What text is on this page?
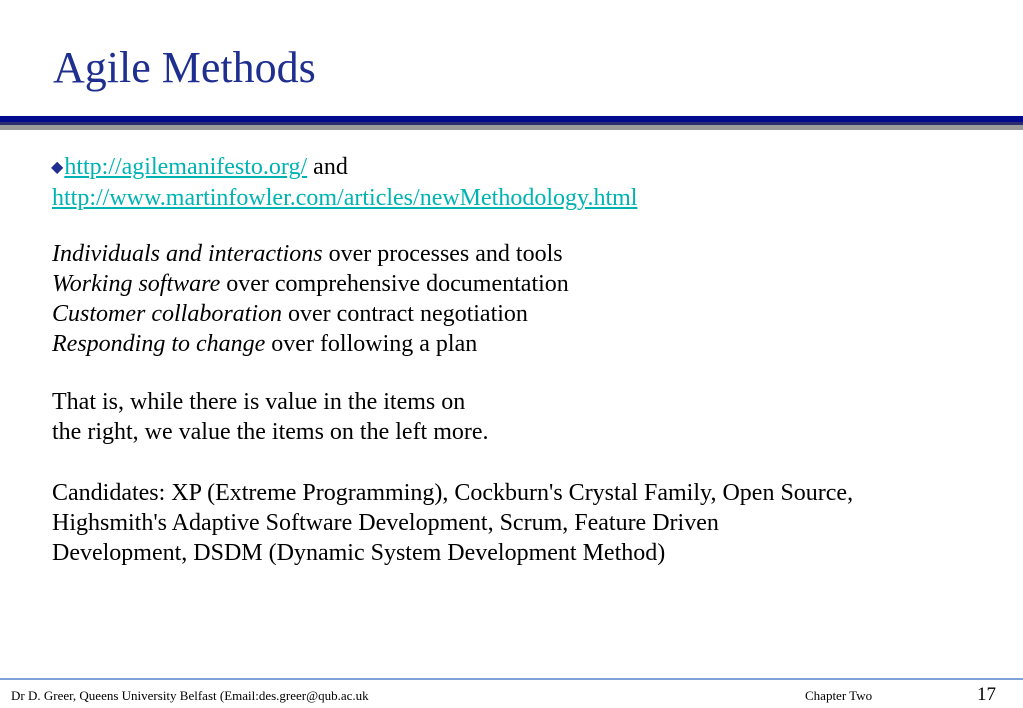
Agile Methods
◆http://agilemanifesto.org/ and
http://www.martinfowler.com/articles/newMethodology.html
Individuals and interactions over processes and tools
Working software over comprehensive documentation
Customer collaboration over contract negotiation
Responding to change over following a plan
That is, while there is value in the items on
the right, we value the items on the left more.
Candidates: XP (Extreme Programming), Cockburn's Crystal Family, Open Source,
Highsmith's Adaptive Software Development, Scrum, Feature Driven
Development, DSDM (Dynamic System Development Method)
Dr D. Greer, Queens University Belfast (Email:des.greer@qub.ac.uk	Chapter Two	17
